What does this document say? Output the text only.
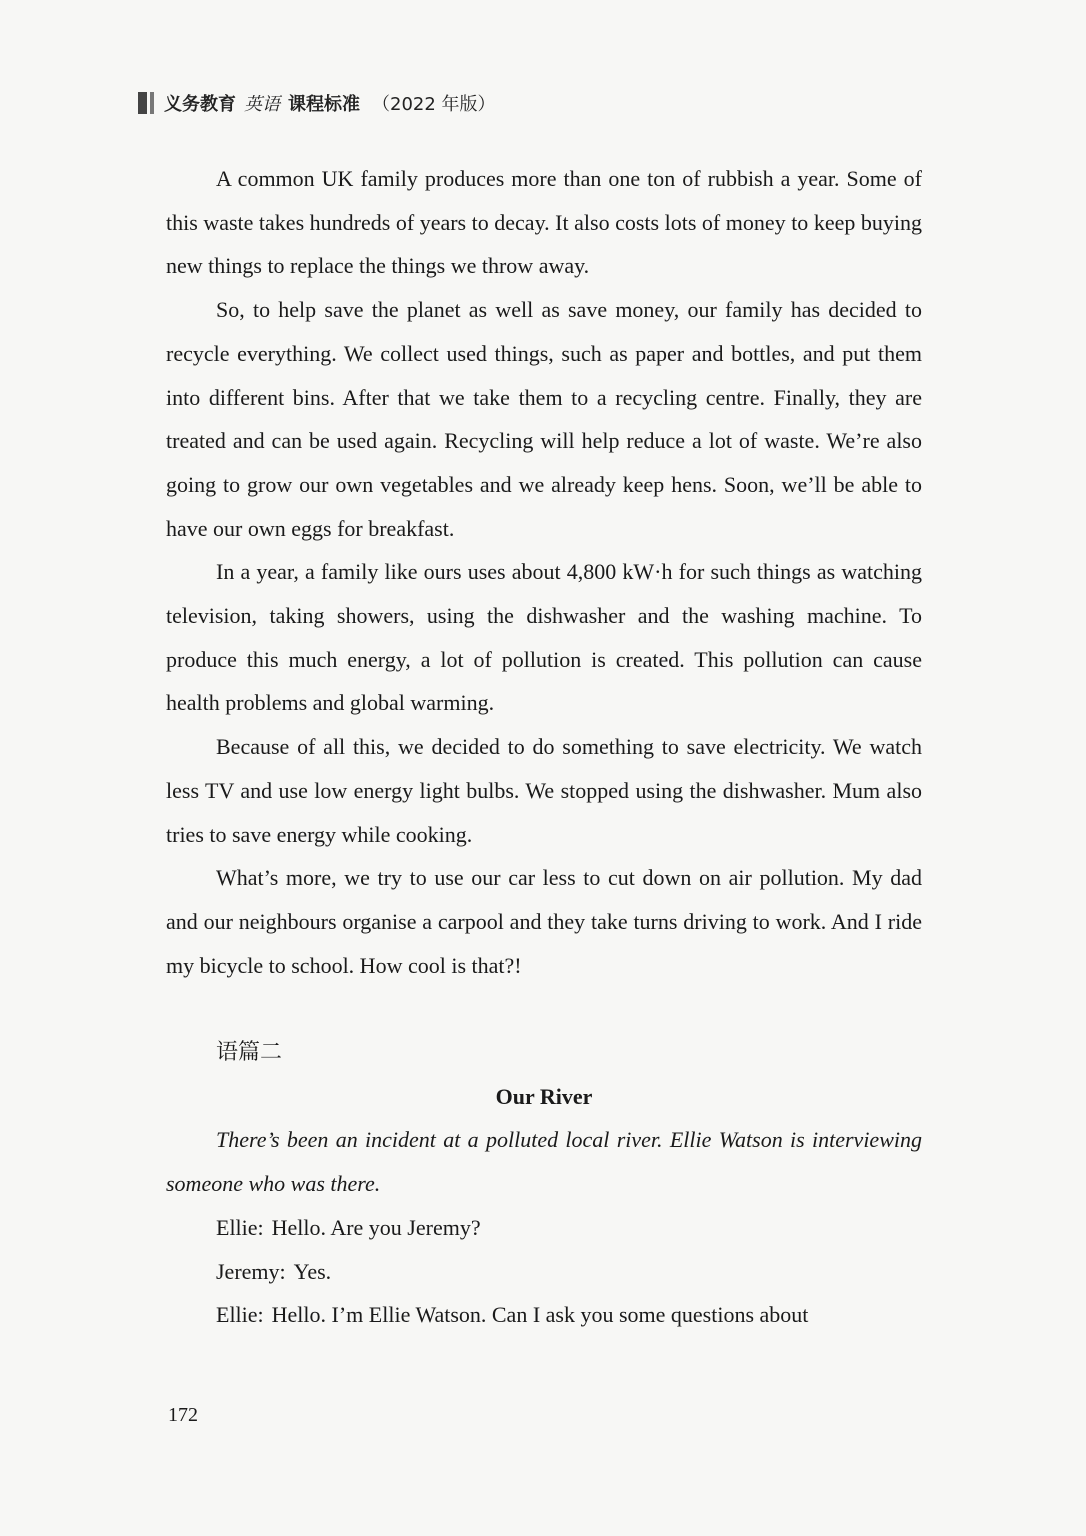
义务教育 英语 课程标准 （2022 年版）

A common UK family produces more than one ton of rubbish a year. Some of this waste takes hundreds of years to decay. It also costs lots of money to keep buying new things to replace the things we throw away.

So, to help save the planet as well as save money, our family has decided to recycle everything. We collect used things, such as paper and bottles, and put them into different bins. After that we take them to a recycling centre. Finally, they are treated and can be used again. Recycling will help reduce a lot of waste. We’re also going to grow our own vegetables and we already keep hens. Soon, we’ll be able to have our own eggs for breakfast.

In a year, a family like ours uses about 4,800 kW·h for such things as watching television, taking showers, using the dishwasher and the washing machine. To produce this much energy, a lot of pollution is created. This pollution can cause health problems and global warming.

Because of all this, we decided to do something to save electricity. We watch less TV and use low energy light bulbs. We stopped using the dishwasher. Mum also tries to save energy while cooking.

What’s more, we try to use our car less to cut down on air pollution. My dad and our neighbours organise a carpool and they take turns driving to work. And I ride my bicycle to school. How cool is that?!

语篇二

Our River

There’s been an incident at a polluted local river. Ellie Watson is interviewing someone who was there.

Ellie: Hello. Are you Jeremy?

Jeremy: Yes.

Ellie: Hello. I’m Ellie Watson. Can I ask you some questions about

172
